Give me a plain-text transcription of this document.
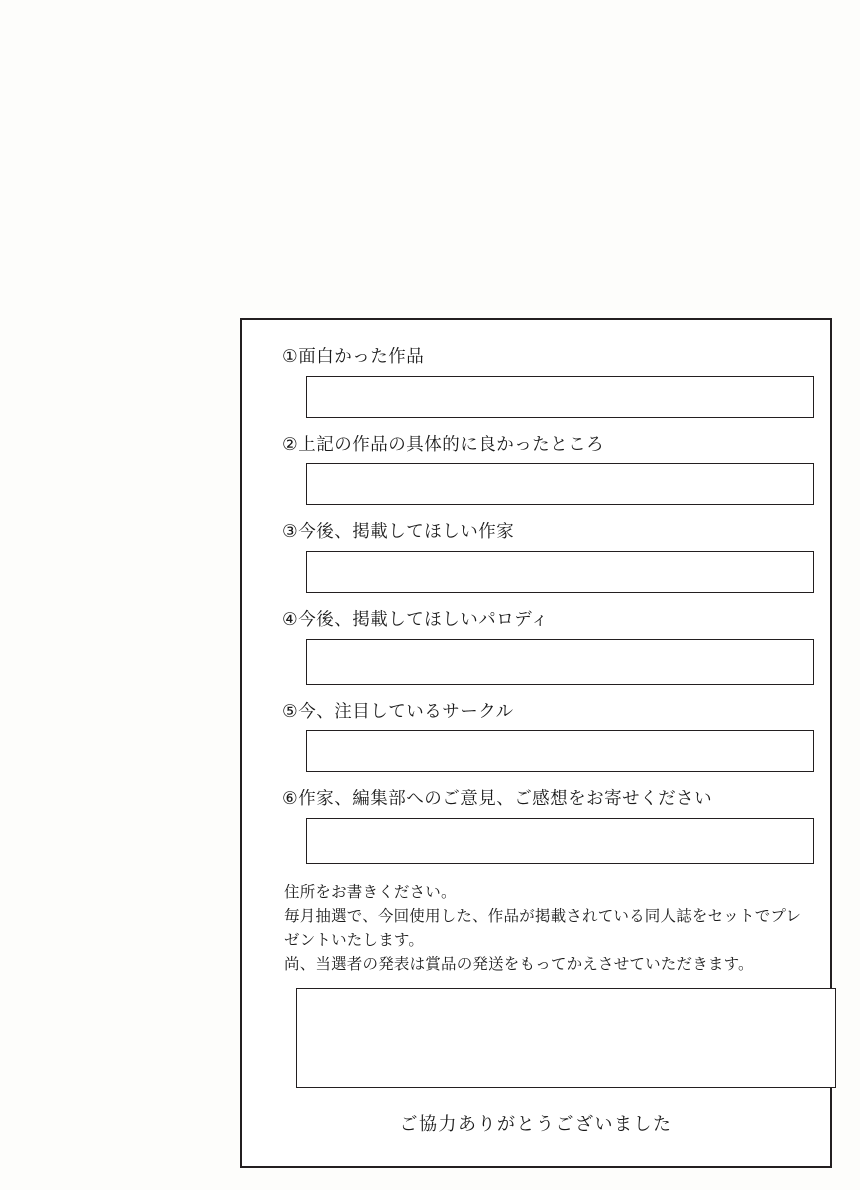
①面白かった作品
②上記の作品の具体的に良かったところ
③今後、掲載してほしい作家
④今後、掲載してほしいパロディ
⑤今、注目しているサークル
⑥作家、編集部へのご意見、ご感想をお寄せください

住所をお書きください。

毎月抽選で、今回使用した、作品が掲載されている同人誌をセットでプレ

ゼントいたします。

尚、当選者の発表は賞品の発送をもってかえさせていただきます。

ご協力ありがとうございました
